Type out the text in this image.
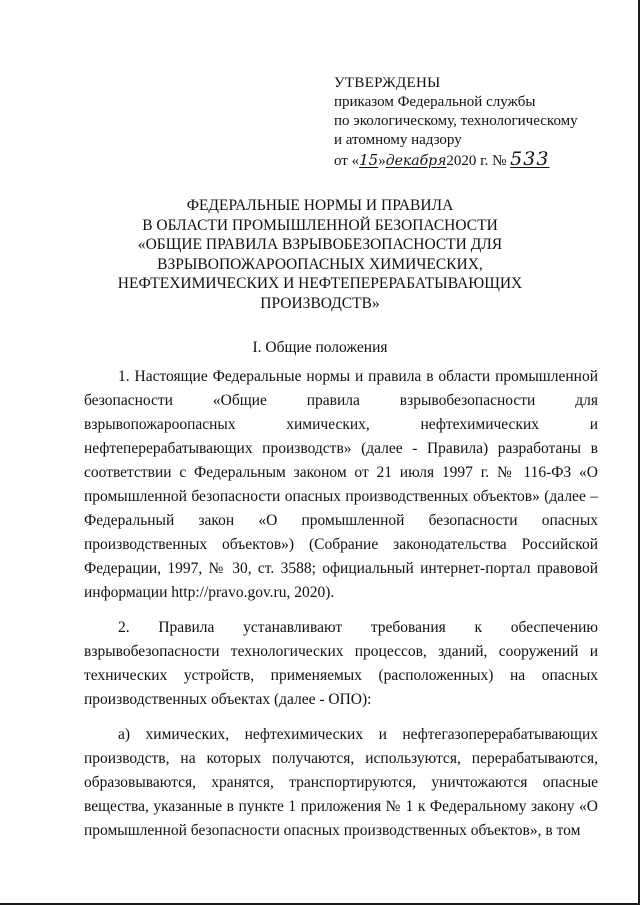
УТВЕРЖДЕНЫ
приказом Федеральной службы
по экологическому, технологическому
и атомному надзору
от «15»декабря2020 г. № 533
ФЕДЕРАЛЬНЫЕ НОРМЫ И ПРАВИЛА
В ОБЛАСТИ ПРОМЫШЛЕННОЙ БЕЗОПАСНОСТИ
«ОБЩИЕ ПРАВИЛА ВЗРЫВОБЕЗОПАСНОСТИ ДЛЯ
ВЗРЫВОПОЖАРООПАСНЫХ ХИМИЧЕСКИХ,
НЕФТЕХИМИЧЕСКИХ И НЕФТЕПЕРЕРАБАТЫВАЮЩИХ
ПРОИЗВОДСТВ»
I. Общие положения

1. Настоящие Федеральные нормы и правила в области промышленной безопасности «Общие правила взрывобезопасности для взрывопожароопасных химических, нефтехимических и нефтеперерабатывающих производств» (далее - Правила) разработаны в соответствии с Федеральным законом от 21 июля 1997 г. № 116-ФЗ «О промышленной безопасности опасных производственных объектов» (далее – Федеральный закон «О промышленной безопасности опасных производственных объектов») (Собрание законодательства Российской Федерации, 1997, № 30, ст. 3588; официальный интернет-портал правовой информации http://pravo.gov.ru, 2020).

2. Правила устанавливают требования к обеспечению взрывобезопасности технологических процессов, зданий, сооружений и технических устройств, применяемых (расположенных) на опасных производственных объектах (далее - ОПО):

а) химических, нефтехимических и нефтегазоперерабатывающих производств, на которых получаются, используются, перерабатываются, образовываются, хранятся, транспортируются, уничтожаются опасные вещества, указанные в пункте 1 приложения № 1 к Федеральному закону «О промышленной безопасности опасных производственных объектов», в том
